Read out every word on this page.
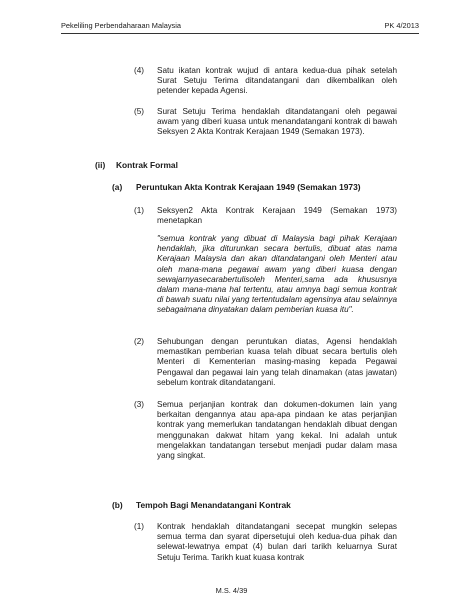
Pekeliling Perbendaharaan Malaysia	PK 4/2013
(4) Satu ikatan kontrak wujud di antara kedua-dua pihak setelah Surat Setuju Terima ditandatangani dan dikembalikan oleh petender kepada Agensi.
(5) Surat Setuju Terima hendaklah ditandatangani oleh pegawai awam yang diberi kuasa untuk menandatangani kontrak di bawah Seksyen 2 Akta Kontrak Kerajaan 1949 (Semakan 1973).
(ii) Kontrak Formal
(a) Peruntukan Akta Kontrak Kerajaan 1949 (Semakan 1973)
(1) Seksyen2 Akta Kontrak Kerajaan 1949 (Semakan 1973) menetapkan
"semua kontrak yang dibuat di Malaysia bagi pihak Kerajaan hendaklah, jika diturunkan secara bertulis, dibuat atas nama Kerajaan Malaysia dan akan ditandatangani oleh Menteri atau oleh mana-mana pegawai awam yang diberi kuasa dengan sewajarnyasecarabertulisoleh Menteri,sama ada khususnya dalam mana-mana hal tertentu, atau amnya bagi semua kontrak di bawah suatu nilai yang tertentudalam agensinya atau selainnya sebagaimana dinyatakan dalam pemberian kuasa itu".
(2) Sehubungan dengan peruntukan diatas, Agensi hendaklah memastikan pemberian kuasa telah dibuat secara bertulis oleh Menteri di Kementerian masing-masing kepada Pegawai Pengawal dan pegawai lain yang telah dinamakan (atas jawatan) sebelum kontrak ditandatangani.
(3) Semua perjanjian kontrak dan dokumen-dokumen lain yang berkaitan dengannya atau apa-apa pindaan ke atas perjanjian kontrak yang memerlukan tandatangan hendaklah dibuat dengan menggunakan dakwat hitam yang kekal. Ini adalah untuk mengelakkan tandatangan tersebut menjadi pudar dalam masa yang singkat.
(b) Tempoh Bagi Menandatangani Kontrak
(1) Kontrak hendaklah ditandatangani secepat mungkin selepas semua terma dan syarat dipersetujui oleh kedua-dua pihak dan selewat-lewatnya empat (4) bulan dari tarikh keluarnya Surat Setuju Terima. Tarikh kuat kuasa kontrak
M.S. 4/39
